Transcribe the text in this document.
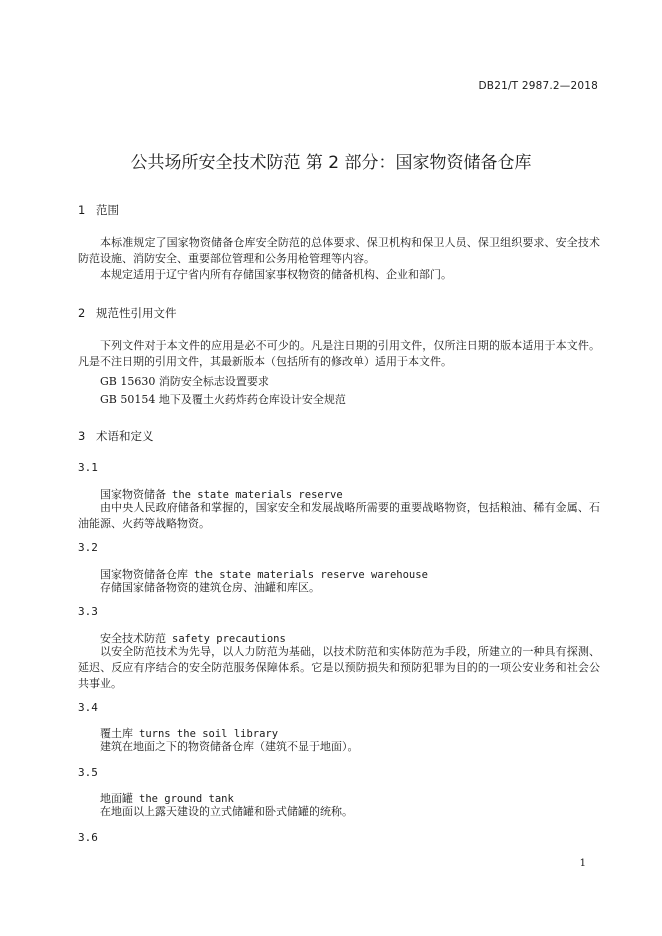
DB21/T 2987.2—2018
公共场所安全技术防范 第 2 部分：国家物资储备仓库
1 范围
本标准规定了国家物资储备仓库安全防范的总体要求、保卫机构和保卫人员、保卫组织要求、安全技术防范设施、消防安全、重要部位管理和公务用枪管理等内容。
本规定适用于辽宁省内所有存储国家事权物资的储备机构、企业和部门。
2 规范性引用文件
下列文件对于本文件的应用是必不可少的。凡是注日期的引用文件，仅所注日期的版本适用于本文件。凡是不注日期的引用文件，其最新版本（包括所有的修改单）适用于本文件。
GB 15630 消防安全标志设置要求
GB 50154 地下及覆土火药炸药仓库设计安全规范
3 术语和定义
3.1
国家物资储备 the state materials reserve
由中央人民政府储备和掌握的，国家安全和发展战略所需要的重要战略物资，包括粮油、稀有金属、石油能源、火药等战略物资。
3.2
国家物资储备仓库 the state materials reserve warehouse
存储国家储备物资的建筑仓房、油罐和库区。
3.3
安全技术防范 safety precautions
以安全防范技术为先导，以人力防范为基础，以技术防范和实体防范为手段，所建立的一种具有探测、延迟、反应有序结合的安全防范服务保障体系。它是以预防损失和预防犯罪为目的的一项公安业务和社会公共事业。
3.4
覆土库 turns the soil library
建筑在地面之下的物资储备仓库（建筑不显于地面）。
3.5
地面罐 the ground tank
在地面以上露天建设的立式储罐和卧式储罐的统称。
3.6
1
